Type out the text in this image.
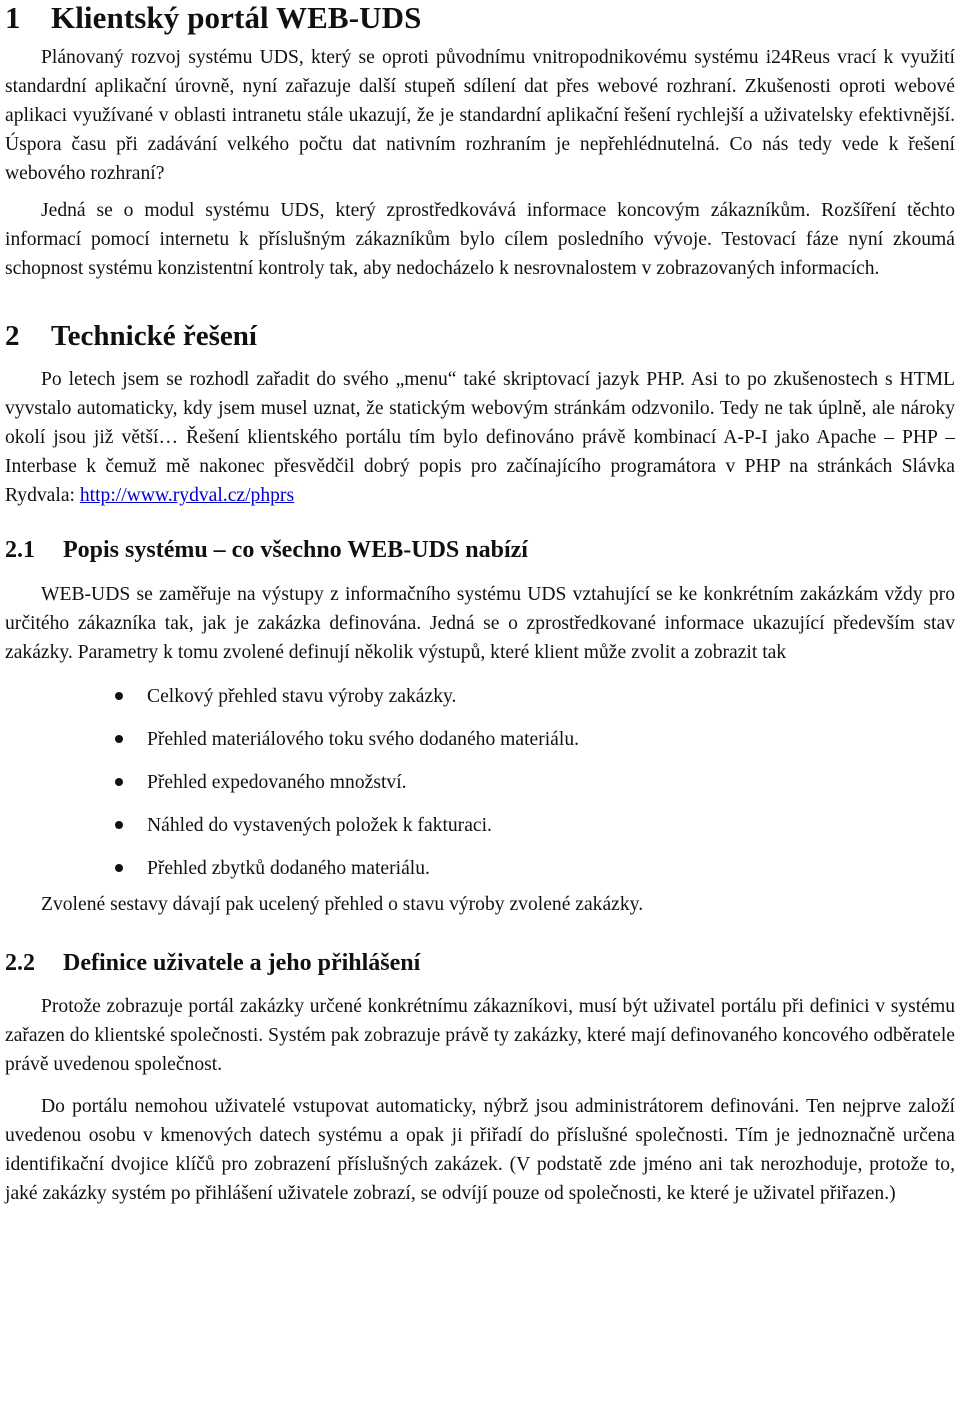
1 Klientský portál WEB-UDS

Plánovaný rozvoj systému UDS, který se oproti původnímu vnitropodnikovému systému i24Reus vrací k využití standardní aplikační úrovně, nyní zařazuje další stupeň sdílení dat přes webové rozhraní. Zkušenosti oproti webové aplikaci využívané v oblasti intranetu stále ukazují, že je standardní aplikační řešení rychlejší a uživatelsky efektivnější. Úspora času při zadávání velkého počtu dat nativním rozhraním je nepřehlédnutelná. Co nás tedy vede k řešení webového rozhraní?

Jedná se o modul systému UDS, který zprostředkovává informace koncovým zákazníkům. Rozšíření těchto informací pomocí internetu k příslušným zákazníkům bylo cílem posledního vývoje. Testovací fáze nyní zkoumá schopnost systému konzistentní kontroly tak, aby nedocházelo k nesrovnalostem v zobrazovaných informacích.

2 Technické řešení

Po letech jsem se rozhodl zařadit do svého „menu“ také skriptovací jazyk PHP. Asi to po zkušenostech s HTML vyvstalo automaticky, kdy jsem musel uznat, že statickým webovým stránkám odzvonilo. Tedy ne tak úplně, ale nároky okolí jsou již větší… Řešení klientského portálu tím bylo definováno právě kombinací A-P-I jako Apache – PHP – Interbase k čemuž mě nakonec přesvědčil dobrý popis pro začínajícího programátora v PHP na stránkách Slávka Rydvala: http://www.rydval.cz/phprs

2.1 Popis systému – co všechno WEB-UDS nabízí

WEB-UDS se zaměřuje na výstupy z informačního systému UDS vztahující se ke konkrétním zakázkám vždy pro určitého zákazníka tak, jak je zakázka definována. Jedná se o zprostředkované informace ukazující především stav zakázky. Parametry k tomu zvolené definují několik výstupů, které klient může zvolit a zobrazit tak

Celkový přehled stavu výroby zakázky.
Přehled materiálového toku svého dodaného materiálu.
Přehled expedovaného množství.
Náhled do vystavených položek k fakturaci.
Přehled zbytků dodaného materiálu.

Zvolené sestavy dávají pak ucelený přehled o stavu výroby zvolené zakázky.

2.2 Definice uživatele a jeho přihlášení

Protože zobrazuje portál zakázky určené konkrétnímu zákazníkovi, musí být uživatel portálu při definici v systému zařazen do klientské společnosti. Systém pak zobrazuje právě ty zakázky, které mají definovaného koncového odběratele právě uvedenou společnost.

Do portálu nemohou uživatelé vstupovat automaticky, nýbrž jsou administrátorem definováni. Ten nejprve založí uvedenou osobu v kmenových datech systému a opak ji přiřadí do příslušné společnosti. Tím je jednoznačně určena identifikační dvojice klíčů pro zobrazení příslušných zakázek. (V podstatě zde jméno ani tak nerozhoduje, protože to, jaké zakázky systém po přihlášení uživatele zobrazí, se odvíjí pouze od společnosti, ke které je uživatel přiřazen.)
